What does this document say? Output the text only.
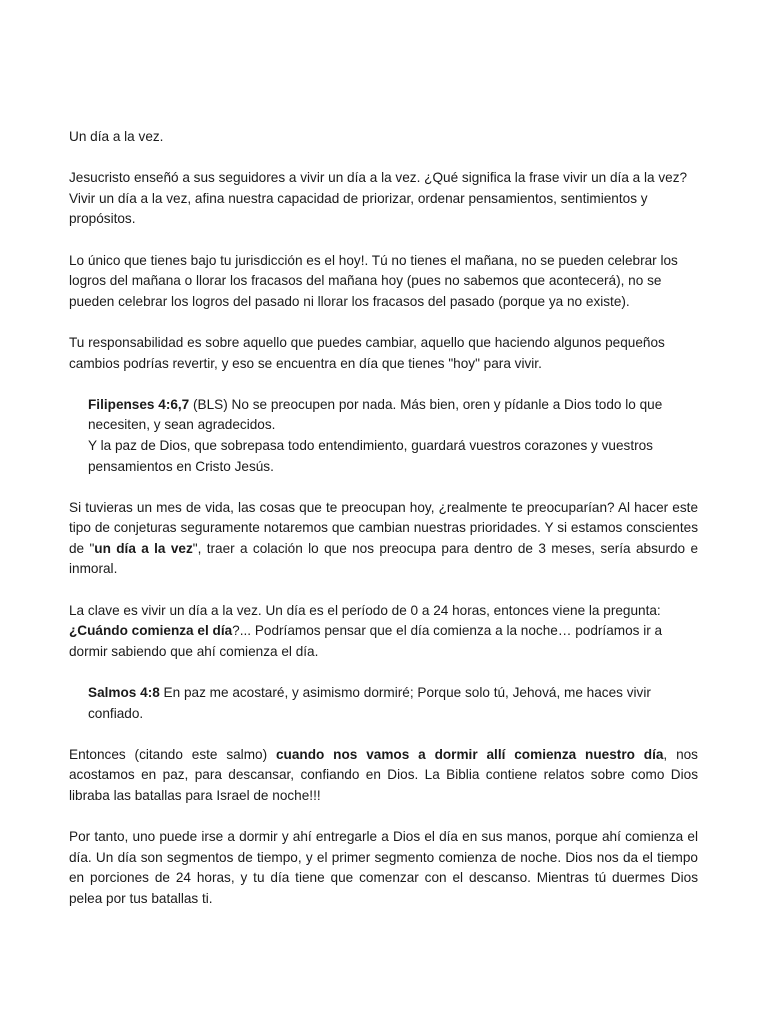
Un día a la vez.

Jesucristo enseñó a sus seguidores a vivir un día a la vez. ¿Qué significa la frase vivir un día a la vez? Vivir un día a la vez, afina nuestra capacidad de priorizar, ordenar pensamientos, sentimientos y propósitos.

Lo único que tienes bajo tu jurisdicción es el hoy!. Tú no tienes el mañana, no se pueden celebrar los logros del mañana o llorar los fracasos del mañana hoy (pues no sabemos que acontecerá), no se pueden celebrar los logros del pasado ni llorar los fracasos del pasado (porque ya no existe).

Tu responsabilidad es sobre aquello que puedes cambiar, aquello que haciendo algunos pequeños cambios podrías revertir, y eso se encuentra en día que tienes "hoy" para vivir.

Filipenses 4:6,7 (BLS) No se preocupen por nada. Más bien, oren y pídanle a Dios todo lo que necesiten, y sean agradecidos.

Y la paz de Dios, que sobrepasa todo entendimiento, guardará vuestros corazones y vuestros pensamientos en Cristo Jesús.

Si tuvieras un mes de vida, las cosas que te preocupan hoy, ¿realmente te preocuparían? Al hacer este tipo de conjeturas seguramente notaremos que cambian nuestras prioridades. Y si estamos conscientes de "un día a la vez", traer a colación lo que nos preocupa para dentro de 3 meses, sería absurdo e inmoral.

La clave es vivir un día a la vez. Un día es el período de 0 a 24 horas, entonces viene la pregunta: ¿Cuándo comienza el día?... Podríamos pensar que el día comienza a la noche… podríamos ir a dormir sabiendo que ahí comienza el día.

Salmos 4:8 En paz me acostaré, y asimismo dormiré; Porque solo tú, Jehová, me haces vivir confiado.

Entonces (citando este salmo) cuando nos vamos a dormir allí comienza nuestro día, nos acostamos en paz, para descansar, confiando en Dios. La Biblia contiene relatos sobre como Dios libraba las batallas para Israel de noche!!!

Por tanto, uno puede irse a dormir y ahí entregarle a Dios el día en sus manos, porque ahí comienza el día. Un día son segmentos de tiempo, y el primer segmento comienza de noche. Dios nos da el tiempo en porciones de 24 horas, y tu día tiene que comenzar con el descanso. Mientras tú duermes Dios pelea por tus batallas ti.
